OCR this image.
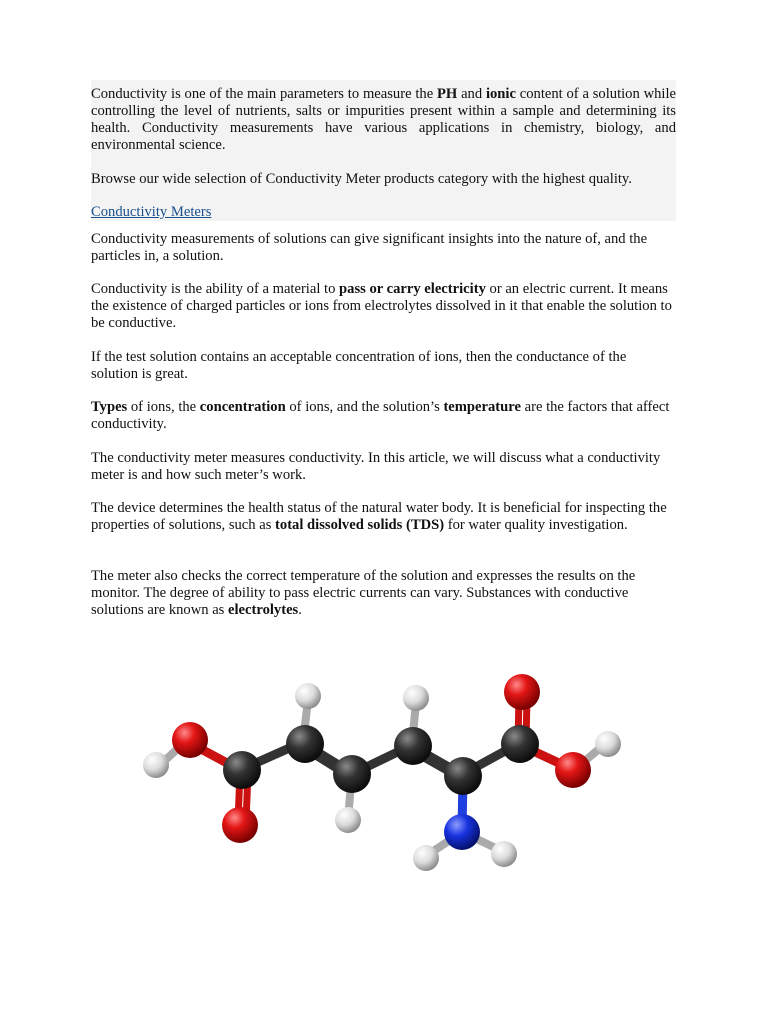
Conductivity is one of the main parameters to measure the PH and ionic content of a solution while controlling the level of nutrients, salts or impurities present within a sample and determining its health. Conductivity measurements have various applications in chemistry, biology, and environmental science.

Browse our wide selection of Conductivity Meter products category with the highest quality.

Conductivity Meters

Conductivity measurements of solutions can give significant insights into the nature of, and the particles in, a solution.

Conductivity is the ability of a material to pass or carry electricity or an electric current. It means the existence of charged particles or ions from electrolytes dissolved in it that enable the solution to be conductive.

If the test solution contains an acceptable concentration of ions, then the conductance of the solution is great.

Types of ions, the concentration of ions, and the solution’s temperature are the factors that affect conductivity.

The conductivity meter measures conductivity. In this article, we will discuss what a conductivity meter is and how such meter’s work.

The device determines the health status of the natural water body. It is beneficial for inspecting the properties of solutions, such as total dissolved solids (TDS) for water quality investigation.

The meter also checks the correct temperature of the solution and expresses the results on the monitor. The degree of ability to pass electric currents can vary. Substances with conductive solutions are known as electrolytes.
